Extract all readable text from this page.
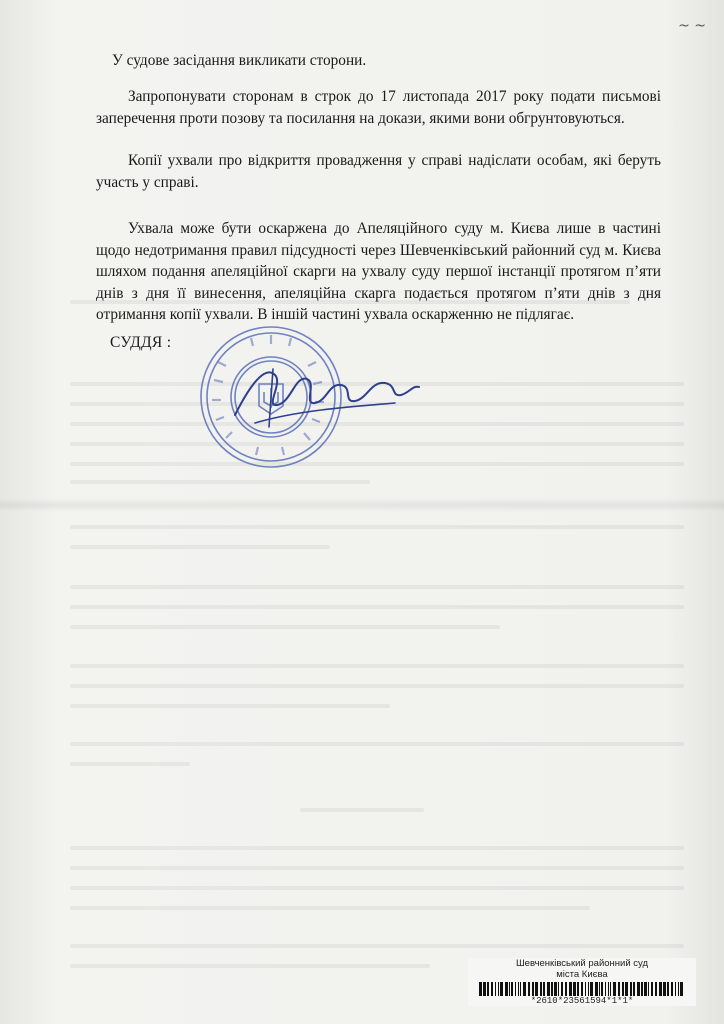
~ ~

У судове засідання викликати сторони.

Запропонувати сторонам в строк до 17 листопада 2017 року подати письмові заперечення проти позову та посилання на докази, якими вони обгрунтовуються.

Копії ухвали про відкриття провадження у справі надіслати особам, які беруть участь у справі.

Ухвала може бути оскаржена до Апеляційного суду м. Києва лише в частині щодо недотримання правил підсудності через Шевченківський районний суд м. Києва шляхом подання апеляційної скарги на ухвалу суду першої інстанції протягом п’яти днів з дня її винесення, апеляційна скарга подається протягом п’яти днів з дня отримання копії ухвали. В іншій частині ухвала оскарженню не підлягає.

СУДДЯ :
Шевченківський районний суд
міста Києва
*2610*23561594*1*1*
